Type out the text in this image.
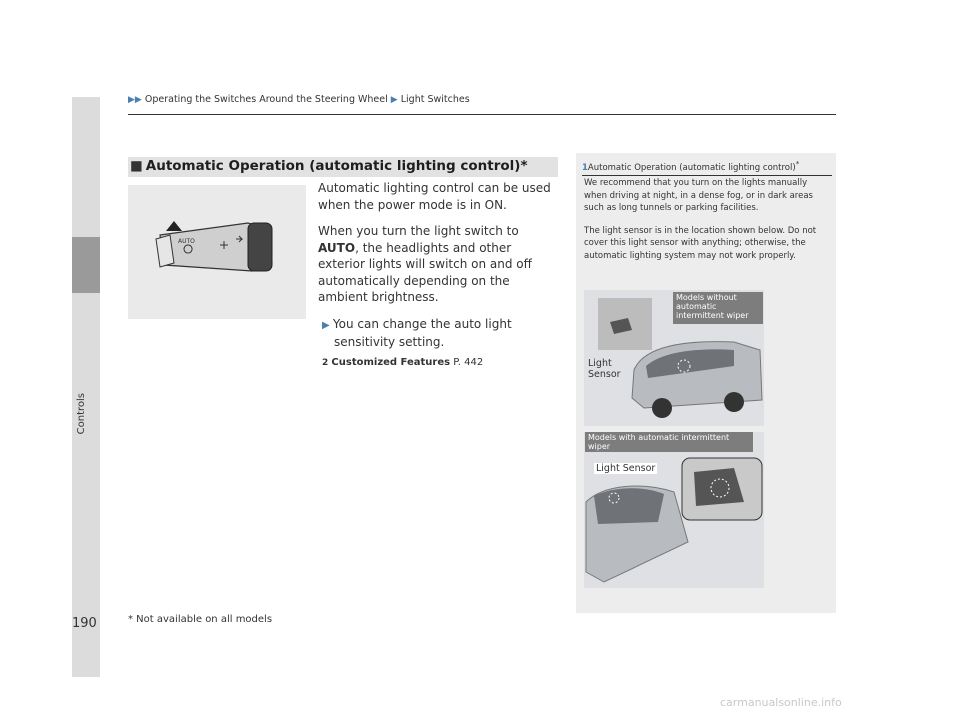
Controls
▶▶ Operating the Switches Around the Steering Wheel ▶ Light Switches
■ Automatic Operation (automatic lighting control)*
AUTO

Automatic lighting control can be used when the power mode is in ON.

When you turn the light switch to AUTO, the headlights and other exterior lights will switch on and off automatically depending on the ambient brightness.

▶ You can change the auto light sensitivity setting.
2 Customized Features P. 442
1Automatic Operation (automatic lighting control)*

We recommend that you turn on the lights manually when driving at night, in a dense fog, or in dark areas such as long tunnels or parking facilities.

The light sensor is in the location shown below. Do not cover this light sensor with anything; otherwise, the automatic lighting system may not work properly.

Models without automatic intermittent wiper
Light Sensor
Models with automatic intermittent wiper
Light Sensor
190	* Not available on all models
carmanualsonline.info
